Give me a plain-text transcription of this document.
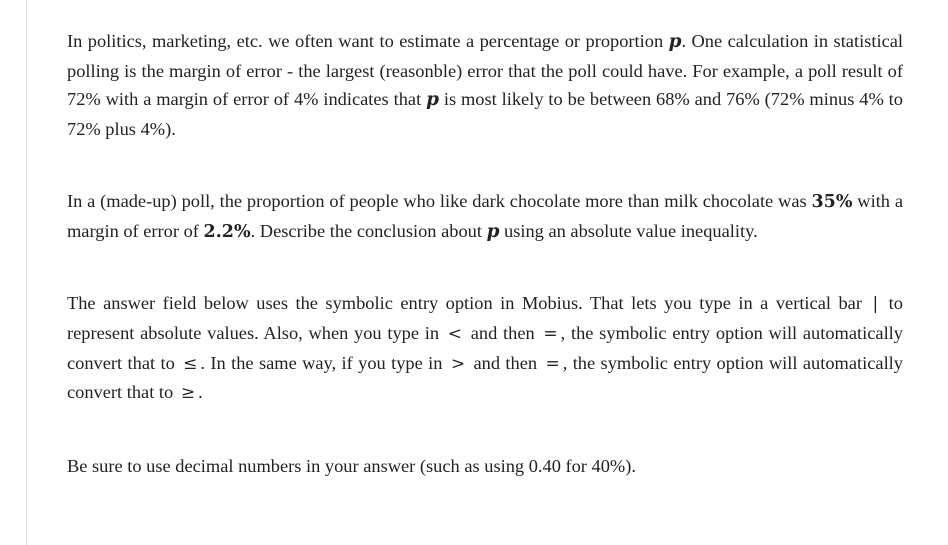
In politics, marketing, etc. we often want to estimate a percentage or proportion p. One calculation in statistical polling is the margin of error - the largest (reasonble) error that the poll could have. For example, a poll result of 72% with a margin of error of 4% indicates that p is most likely to be between 68% and 76% (72% minus 4% to 72% plus 4%).

In a (made-up) poll, the proportion of people who like dark chocolate more than milk chocolate was 35% with a margin of error of 2.2%. Describe the conclusion about p using an absolute value inequality.

The answer field below uses the symbolic entry option in Mobius. That lets you type in a vertical bar | to represent absolute values. Also, when you type in < and then = , the symbolic entry option will automatically convert that to ≤ . In the same way, if you type in > and then = , the symbolic entry option will automatically convert that to ≥ .

Be sure to use decimal numbers in your answer (such as using 0.40 for 40%).
